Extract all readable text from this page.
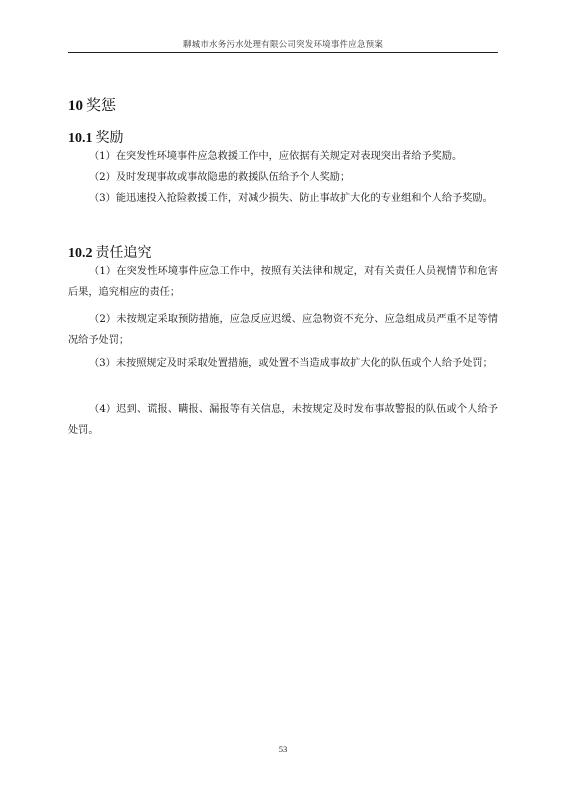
聊城市水务污水处理有限公司突发环境事件应急预案
10 奖惩
10.1 奖励

（1）在突发性环境事件应急救援工作中，应依据有关规定对表现突出者给予奖励。

（2）及时发现事故或事故隐患的救援队伍给予个人奖励；

（3）能迅速投入抢险救援工作，对减少损失、防止事故扩大化的专业组和个人给予奖励。

10.2 责任追究

（1）在突发性环境事件应急工作中，按照有关法律和规定，对有关责任人员视情节和危害后果，追究相应的责任；

（2）未按规定采取预防措施，应急反应迟缓、应急物资不充分、应急组成员严重不足等情况给予处罚；

（3）未按照规定及时采取处置措施，或处置不当造成事故扩大化的队伍或个人给予处罚；

（4）迟到、谎报、瞒报、漏报等有关信息，未按规定及时发布事故警报的队伍或个人给予处罚。

53
